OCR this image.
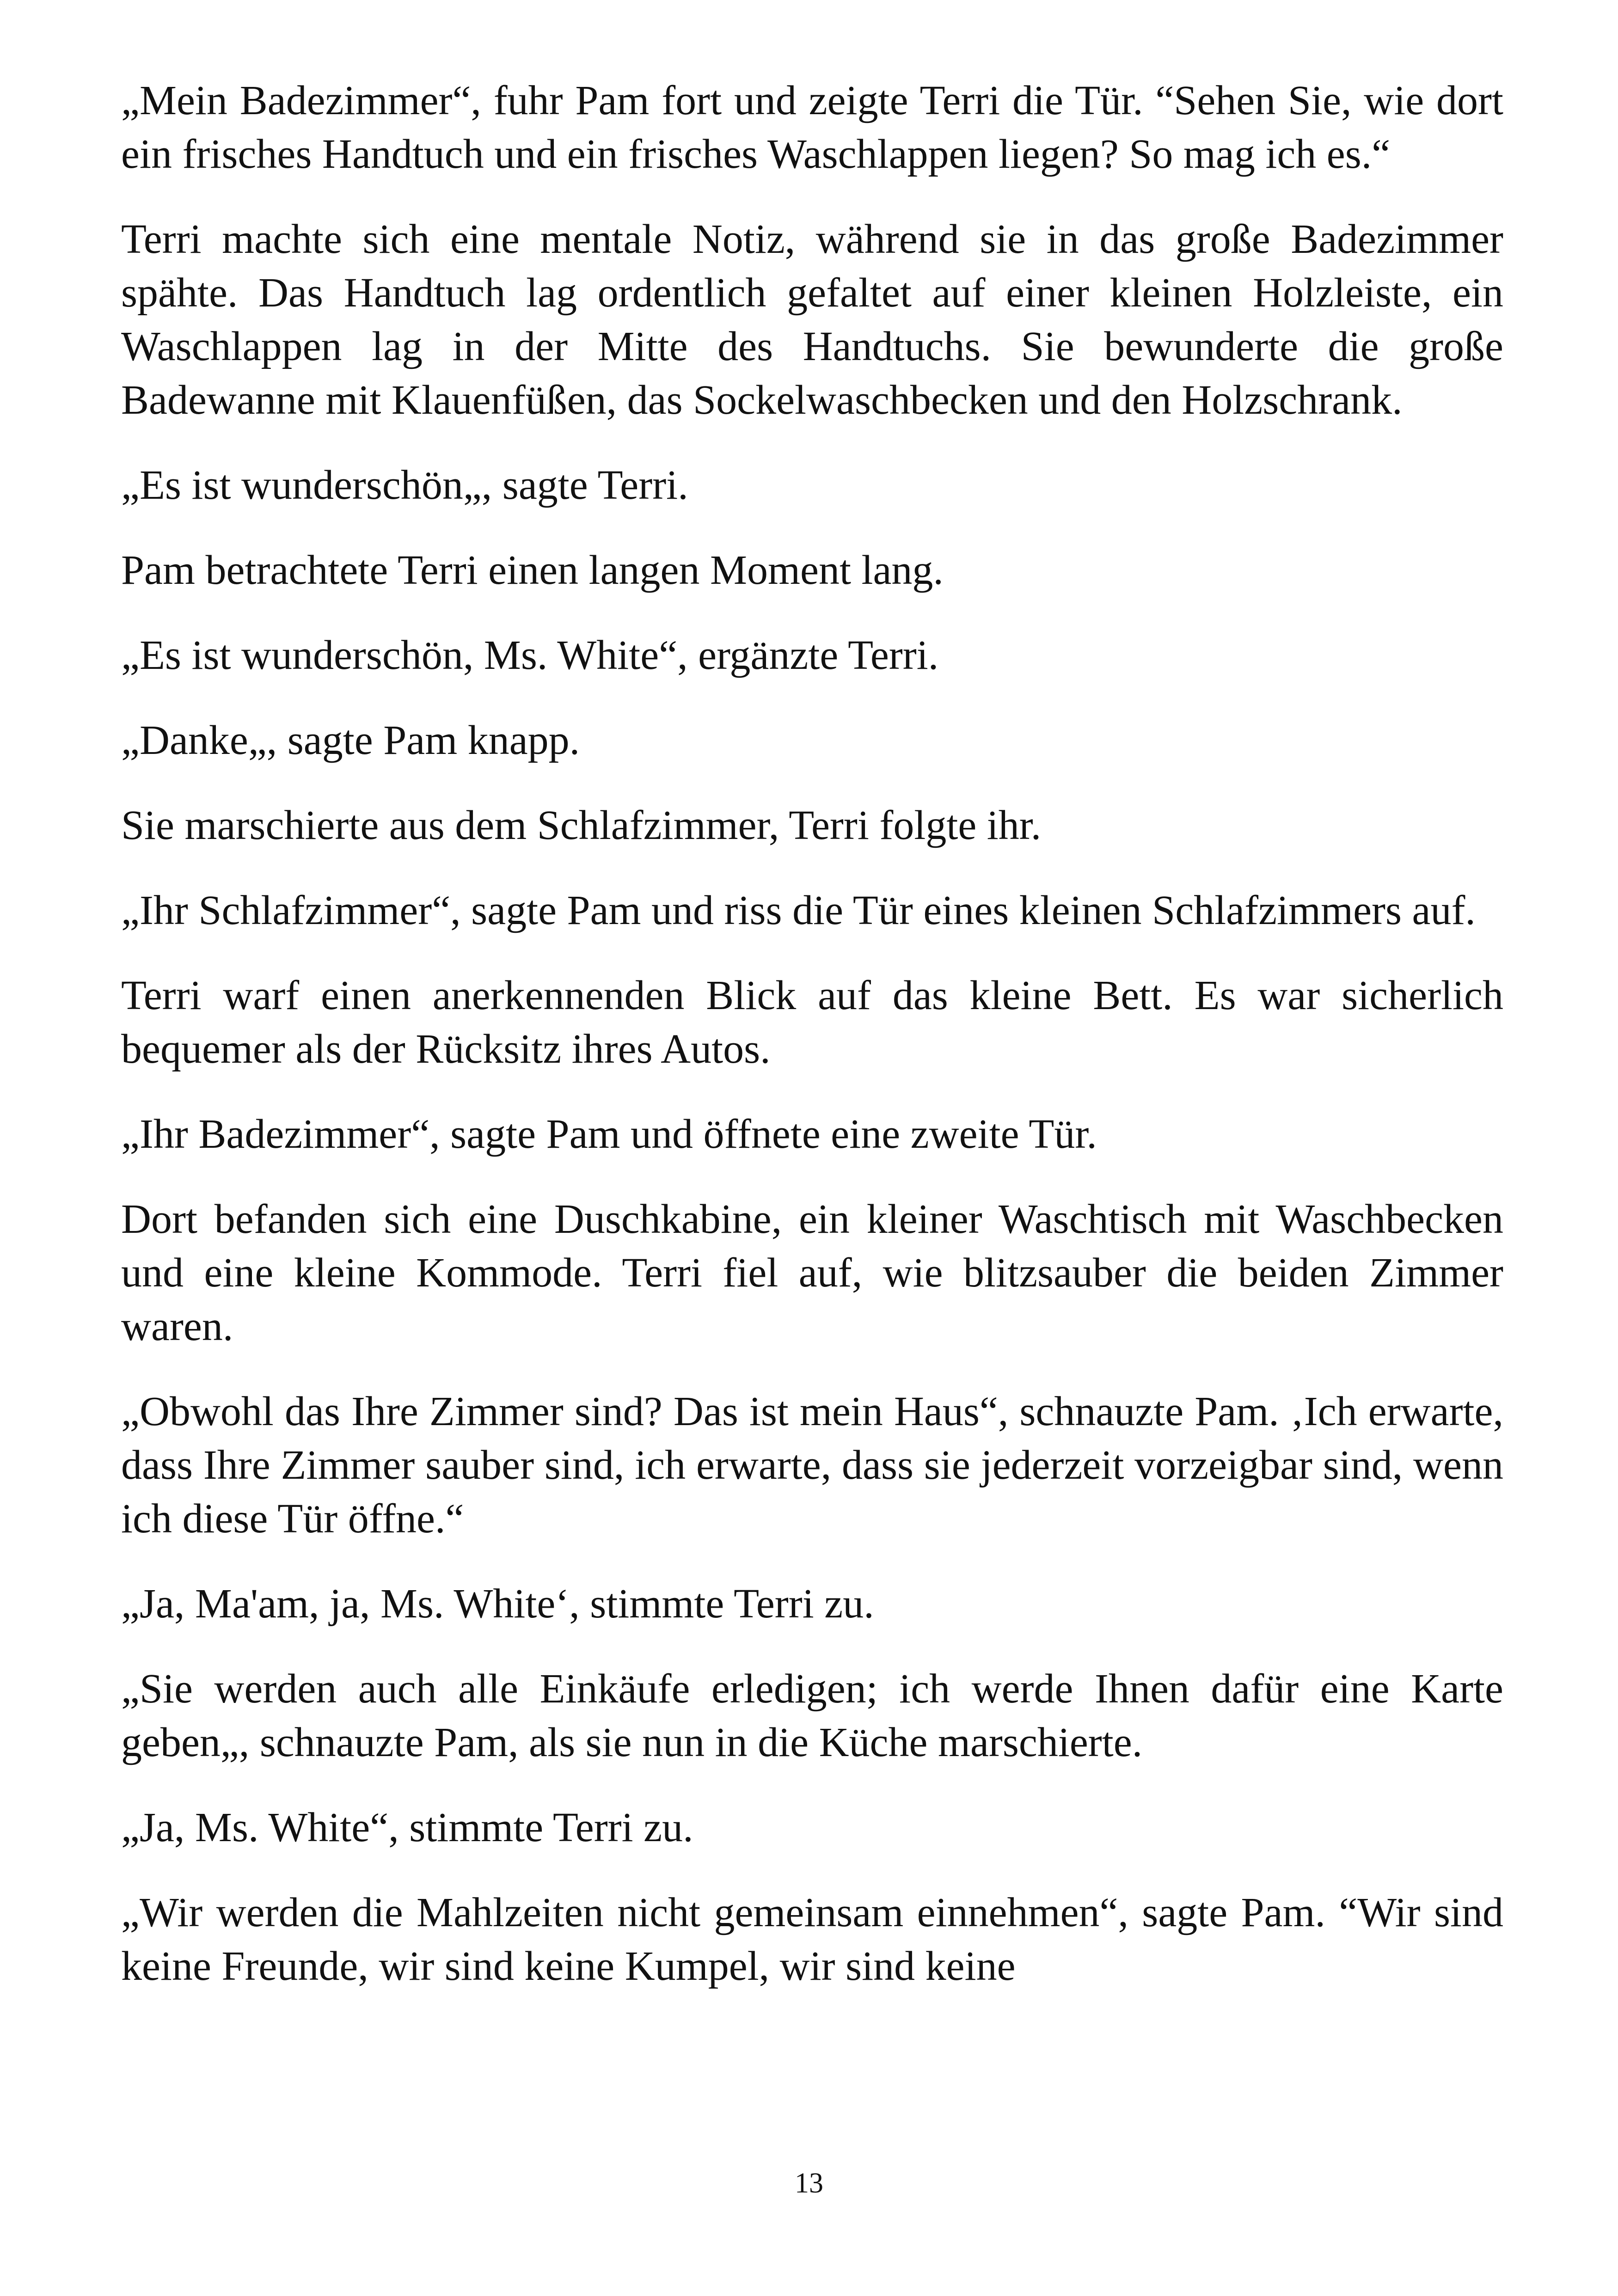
„Mein Badezimmer“, fuhr Pam fort und zeigte Terri die Tür. “Sehen Sie, wie dort ein frisches Handtuch und ein frisches Waschlappen liegen? So mag ich es.“

Terri machte sich eine mentale Notiz, während sie in das große Badezimmer spähte. Das Handtuch lag ordentlich gefaltet auf einer kleinen Holzleiste, ein Waschlappen lag in der Mitte des Handtuchs. Sie bewunderte die große Badewanne mit Klauenfüßen, das Sockelwaschbecken und den Holzschrank.

„Es ist wunderschön„, sagte Terri.

Pam betrachtete Terri einen langen Moment lang.

„Es ist wunderschön, Ms. White“, ergänzte Terri.

„Danke„, sagte Pam knapp.

Sie marschierte aus dem Schlafzimmer, Terri folgte ihr.

„Ihr Schlafzimmer“, sagte Pam und riss die Tür eines kleinen Schlafzimmers auf.

Terri warf einen anerkennenden Blick auf das kleine Bett. Es war sicherlich bequemer als der Rücksitz ihres Autos.

„Ihr Badezimmer“, sagte Pam und öffnete eine zweite Tür.

Dort befanden sich eine Duschkabine, ein kleiner Waschtisch mit Waschbecken und eine kleine Kommode. Terri fiel auf, wie blitzsauber die beiden Zimmer waren.

„Obwohl das Ihre Zimmer sind? Das ist mein Haus“, schnauzte Pam. ‚Ich erwarte, dass Ihre Zimmer sauber sind, ich erwarte, dass sie jederzeit vorzeigbar sind, wenn ich diese Tür öffne.“

„Ja, Ma'am, ja, Ms. White‘, stimmte Terri zu.

„Sie werden auch alle Einkäufe erledigen; ich werde Ihnen dafür eine Karte geben„, schnauzte Pam, als sie nun in die Küche marschierte.

„Ja, Ms. White“, stimmte Terri zu.

„Wir werden die Mahlzeiten nicht gemeinsam einnehmen“, sagte Pam. “Wir sind keine Freunde, wir sind keine Kumpel, wir sind keine

13
